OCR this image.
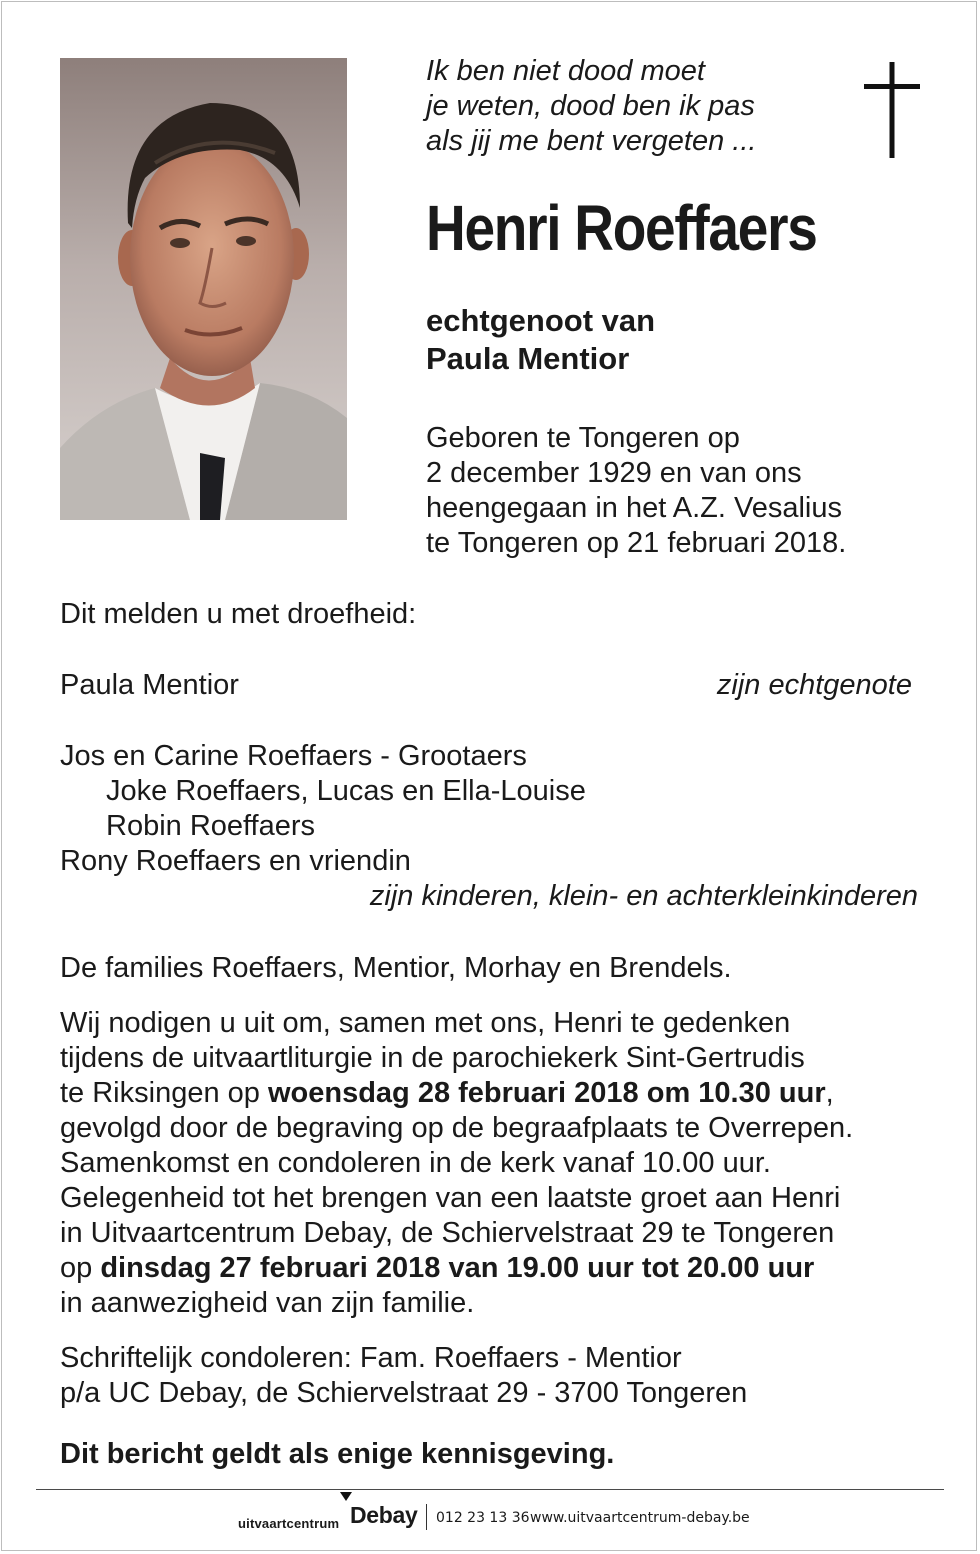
Ik ben niet dood moet
je weten, dood ben ik pas
als jij me bent vergeten ...
Henri Roeffaers
echtgenoot van
Paula Mentior
Geboren te Tongeren op
2 december 1929 en van ons
heengegaan in het A.Z. Vesalius
te Tongeren op 21 februari 2018.
Dit melden u met droefheid:
Paula Mentior	zijn echtgenote
Jos en Carine Roeffaers - Grootaers
Joke Roeffaers, Lucas en Ella-Louise
Robin Roeffaers
Rony Roeffaers en vriendin
zijn kinderen, klein- en achterkleinkinderen
De families Roeffaers, Mentior, Morhay en Brendels.
Wij nodigen u uit om, samen met ons, Henri te gedenken
tijdens de uitvaartliturgie in de parochiekerk Sint-Gertrudis
te Riksingen op woensdag 28 februari 2018 om 10.30 uur,
gevolgd door de begraving op de begraafplaats te Overrepen.
Samenkomst en condoleren in de kerk vanaf 10.00 uur.
Gelegenheid tot het brengen van een laatste groet aan Henri
in Uitvaartcentrum Debay, de Schiervelstraat 29 te Tongeren
op dinsdag 27 februari 2018 van 19.00 uur tot 20.00 uur
in aanwezigheid van zijn familie.
Schriftelijk condoleren: Fam. Roeffaers - Mentior
p/a UC Debay, de Schiervelstraat 29 - 3700 Tongeren
Dit bericht geldt als enige kennisgeving.
uitvaartcentrum Debay 012 23 13 36 www.uitvaartcentrum-debay.be
